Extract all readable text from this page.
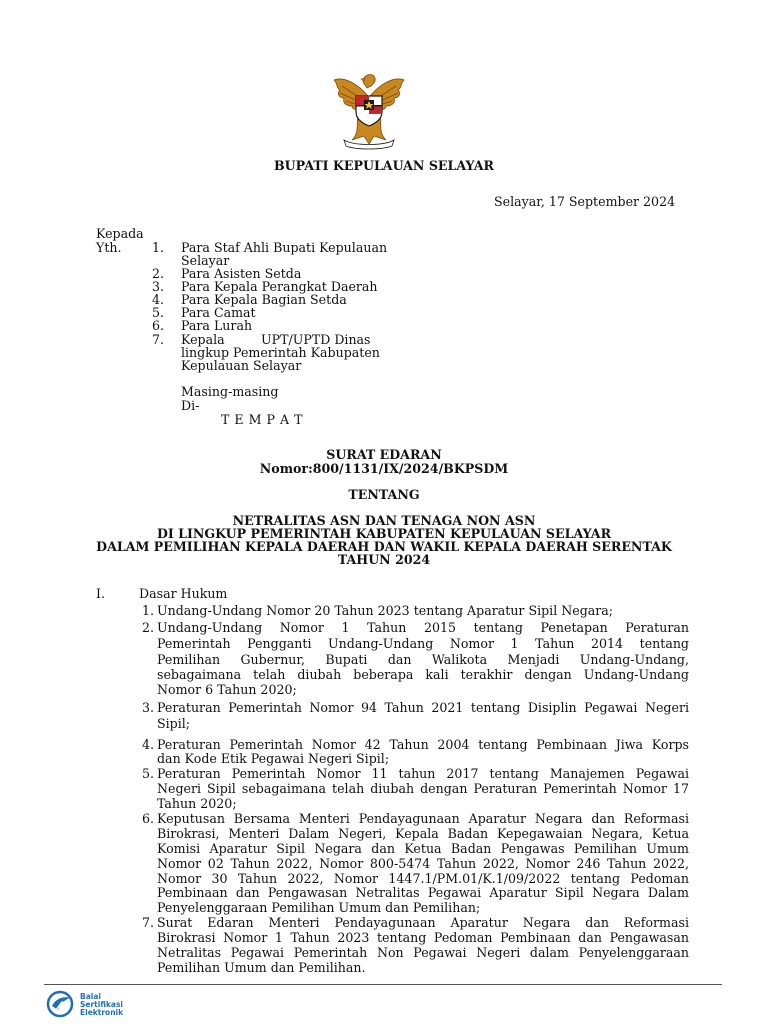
BUPATI KEPULAUAN SELAYAR
Selayar, 17 September 2024
Kepada
Yth. 1. Para Staf Ahli Bupati Kepulauan
Selayar
2. Para Asisten Setda
3. Para Kepala Perangkat Daerah
4. Para Kepala Bagian Setda
5. Para Camat
6. Para Lurah
7. Kepala	UPT/UPTD Dinas
lingkup Pemerintah Kabupaten
Kepulauan Selayar
Masing-masing
Di-
T E M P A T
SURAT EDARAN
Nomor:800/1131/IX/2024/BKPSDM
TENTANG
NETRALITAS ASN DAN TENAGA NON ASN
DI LINGKUP PEMERINTAH KABUPATEN KEPULAUAN SELAYAR
DALAM PEMILIHAN KEPALA DAERAH DAN WAKIL KEPALA DAERAH SERENTAK
TAHUN 2024
I.	Dasar Hukum
1. Undang-Undang Nomor 20 Tahun 2023 tentang Aparatur Sipil Negara;
2. Undang-Undang Nomor 1 Tahun 2015 tentang Penetapan Peraturan
Pemerintah Pengganti Undang-Undang Nomor 1 Tahun 2014 tentang
Pemilihan Gubernur, Bupati dan Walikota Menjadi Undang-Undang,
sebagaimana telah diubah beberapa kali terakhir dengan Undang-Undang
Nomor 6 Tahun 2020;
3. Peraturan Pemerintah Nomor 94 Tahun 2021 tentang Disiplin Pegawai Negeri
Sipil;
4. Peraturan Pemerintah Nomor 42 Tahun 2004 tentang Pembinaan Jiwa Korps
dan Kode Etik Pegawai Negeri Sipil;
5. Peraturan Pemerintah Nomor 11 tahun 2017 tentang Manajemen Pegawai
Negeri Sipil sebagaimana telah diubah dengan Peraturan Pemerintah Nomor 17
Tahun 2020;
6. Keputusan Bersama Menteri Pendayagunaan Aparatur Negara dan Reformasi
Birokrasi, Menteri Dalam Negeri, Kepala Badan Kepegawaian Negara, Ketua
Komisi Aparatur Sipil Negara dan Ketua Badan Pengawas Pemilihan Umum
Nomor 02 Tahun 2022, Nomor 800-5474 Tahun 2022, Nomor 246 Tahun 2022,
Nomor 30 Tahun 2022, Nomor 1447.1/PM.01/K.1/09/2022 tentang Pedoman
Pembinaan dan Pengawasan Netralitas Pegawai Aparatur Sipil Negara Dalam
Penyelenggaraan Pemilihan Umum dan Pemilihan;
7. Surat Edaran Menteri Pendayagunaan Aparatur Negara dan Reformasi
Birokrasi Nomor 1 Tahun 2023 tentang Pedoman Pembinaan dan Pengawasan
Netralitas Pegawai Pemerintah Non Pegawai Negeri dalam Penyelenggaraan
Pemilihan Umum dan Pemilihan.
Balai
Sertifikasi
Elektronik
